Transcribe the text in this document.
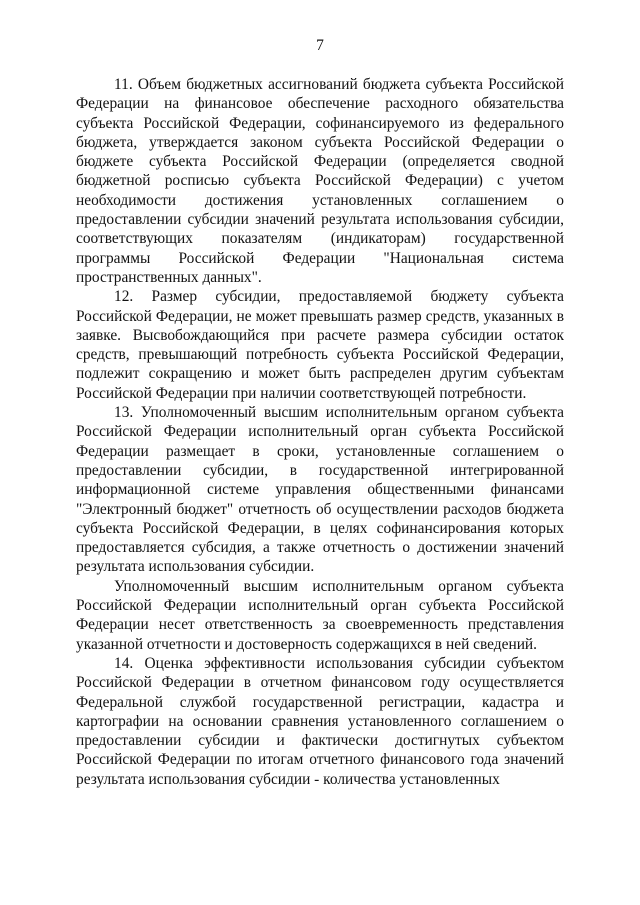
7

11. Объем бюджетных ассигнований бюджета субъекта Российской Федерации на финансовое обеспечение расходного обязательства субъекта Российской Федерации, софинансируемого из федерального бюджета, утверждается законом субъекта Российской Федерации о бюджете субъекта Российской Федерации (определяется сводной бюджетной росписью субъекта Российской Федерации) с учетом необходимости достижения установленных соглашением о предоставлении субсидии значений результата использования субсидии, соответствующих показателям (индикаторам) государственной программы Российской Федерации "Национальная система пространственных данных".

12. Размер субсидии, предоставляемой бюджету субъекта Российской Федерации, не может превышать размер средств, указанных в заявке. Высвобождающийся при расчете размера субсидии остаток средств, превышающий потребность субъекта Российской Федерации, подлежит сокращению и может быть распределен другим субъектам Российской Федерации при наличии соответствующей потребности.

13. Уполномоченный высшим исполнительным органом субъекта Российской Федерации исполнительный орган субъекта Российской Федерации размещает в сроки, установленные соглашением о предоставлении субсидии, в государственной интегрированной информационной системе управления общественными финансами "Электронный бюджет" отчетность об осуществлении расходов бюджета субъекта Российской Федерации, в целях софинансирования которых предоставляется субсидия, а также отчетность о достижении значений результата использования субсидии.

Уполномоченный высшим исполнительным органом субъекта Российской Федерации исполнительный орган субъекта Российской Федерации несет ответственность за своевременность представления указанной отчетности и достоверность содержащихся в ней сведений.

14. Оценка эффективности использования субсидии субъектом Российской Федерации в отчетном финансовом году осуществляется Федеральной службой государственной регистрации, кадастра и картографии на основании сравнения установленного соглашением о предоставлении субсидии и фактически достигнутых субъектом Российской Федерации по итогам отчетного финансового года значений результата использования субсидии - количества установленных
